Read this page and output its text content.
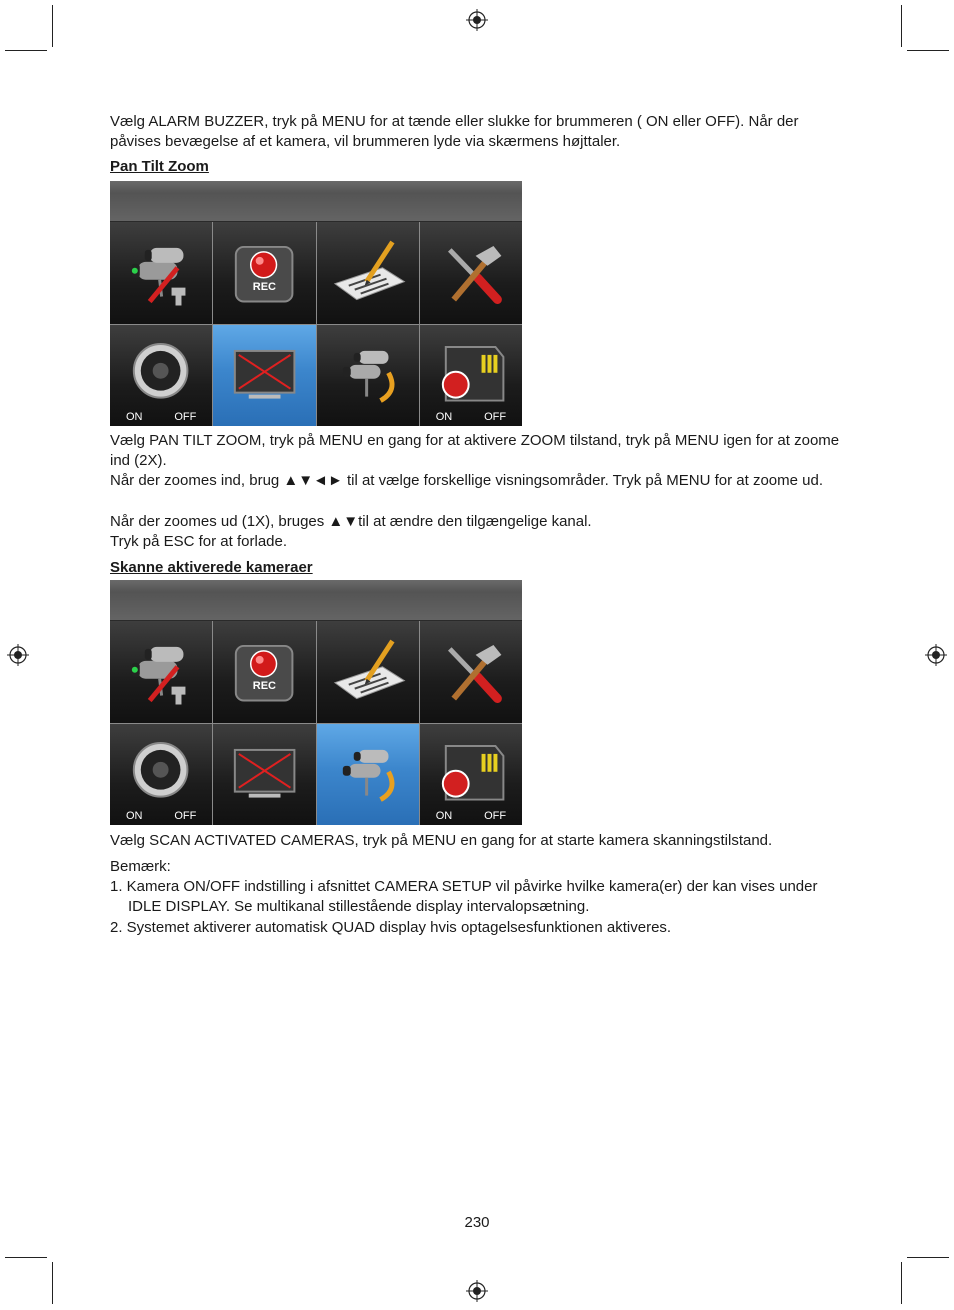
Vælg ALARM BUZZER, tryk på MENU for at tænde eller slukke for brummeren ( ON eller OFF). Når der påvises bevægelse af et kamera, vil brummeren lyde via skærmens højttaler.

Pan Tilt Zoom
REC
ON	OFF	ON	OFF

Vælg PAN TILT ZOOM, tryk på MENU en gang for at aktivere ZOOM tilstand, tryk på MENU igen for at zoome ind (2X).

Når der zoomes ind, brug ▲▼◄► til at vælge forskellige visningsområder. Tryk på MENU for at zoome ud.

Når der zoomes ud (1X), bruges ▲▼til at ændre den tilgængelige kanal.

Tryk på ESC for at forlade.

Skanne aktiverede kameraer
REC
ON	OFF	ON	OFF

Vælg SCAN ACTIVATED CAMERAS, tryk på MENU en gang for at starte kamera skanningstilstand.

Bemærk:

1. Kamera ON/OFF indstilling i afsnittet CAMERA SETUP vil påvirke hvilke kamera(er) der kan vises under IDLE DISPLAY. Se multikanal stillestående display intervalopsætning.

2. Systemet aktiverer automatisk QUAD display hvis optagelsesfunktionen aktiveres.

230
